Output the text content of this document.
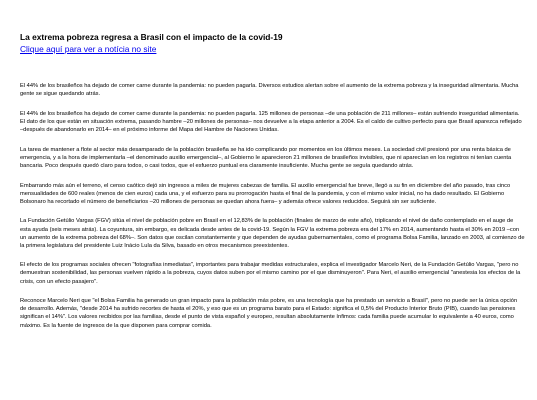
La extrema pobreza regresa a Brasil con el impacto de la covid-19
Clique aquí para ver a notícia no site

El 44% de los brasileños ha dejado de comer carne durante la pandemia: no pueden pagarla. Diversos estudios alertan sobre el aumento de la extrema pobreza y la inseguridad alimentaria. Mucha gente se sigue quedando atrás.

El 44% de los brasileños ha dejado de comer carne durante la pandemia: no pueden pagarla. 125 millones de personas –de una población de 211 millones– están sufriendo inseguridad alimentaria. El dato de los que están en situación extrema, pasando hambre –20 millones de personas– nos devuelve a la etapa anterior a 2004. Es el caldo de cultivo perfecto para que Brasil aparezca reflejado –después de abandonarlo en 2014– en el próximo informe del Mapa del Hambre de Naciones Unidas.

La tarea de mantener a flote al sector más desamparado de la población brasileña se ha ido complicando por momentos en los últimos meses. La sociedad civil presionó por una renta básica de emergencia, y a la hora de implementarla –el denominado auxilio emergencial–, al Gobierno le aparecieron 21 millones de brasileños invisibles, que ni aparecían en los registros ni tenían cuenta bancaria. Poco después quedó claro para todos, o casi todos, que el esfuerzo puntual era claramente insuficiente. Mucha gente se seguía quedando atrás.

Embarrando más aún el terreno, el censo caótico dejó sin ingresos a miles de mujeres cabezas de familia. El auxilio emergencial fue breve, llegó a su fin en diciembre del año pasado, tras cinco mensualidades de 600 reales (menos de cien euros) cada una, y el esfuerzo para su prorrogación hasta el final de la pandemia, y con el mismo valor inicial, no ha dado resultado. El Gobierno Bolsonaro ha recortado el número de beneficiarios –20 millones de personas se quedan ahora fuera– y además ofrece valores reducidos. Seguirá sin ser suficiente.

La Fundación Getúlio Vargas (FGV) sitúa el nivel de población pobre en Brasil en el 12,83% de la población (finales de marzo de este año), triplicando el nivel de daño contemplado en el auge de esta ayuda (seis meses atrás). La coyuntura, sin embargo, es delicada desde antes de la covid-19. Según la FGV la extrema pobreza era del 17% en 2014, aumentando hasta el 30% en 2019 –con un aumento de la extrema pobreza del 68%–. Son datos que oscilan constantemente y que dependen de ayudas gubernamentales, como el programa Bolsa Familia, lanzado en 2003, al comienzo de la primera legislatura del presidente Luiz Inácio Lula da Silva, basado en otros mecanismos preexistentes.

El efecto de los programas sociales ofrecen "fotografías inmediatas", importantes para trabajar medidas estructurales, explica el investigador Marcelo Neri, de la Fundación Getúlio Vargas, "pero no demuestran sostenibilidad, las personas vuelven rápido a la pobreza, cuyos datos suben por el mismo camino por el que disminuyeron". Para Neri, el auxilio emergencial "anestesia los efectos de la crisis, con un efecto pasajero".

Reconoce Marcelo Neri que "el Bolsa Familia ha generado un gran impacto para la población más pobre, es una tecnología que ha prestado un servicio a Brasil", pero no puede ser la única opción de desarrollo. Además, "desde 2014 ha sufrido recortes de hasta el 20%, y eso que es un programa barato para el Estado: significa el 0,5% del Producto Interior Bruto (PIB), cuando las pensiones significan el 14%". Los valores recibidos por las familias, desde el punto de vista español y europeo, resultan absolutamente ínfimos: cada familia puede acumular lo equivalente a 40 euros, como máximo. Es la fuente de ingresos de la que disponen para comprar comida.
